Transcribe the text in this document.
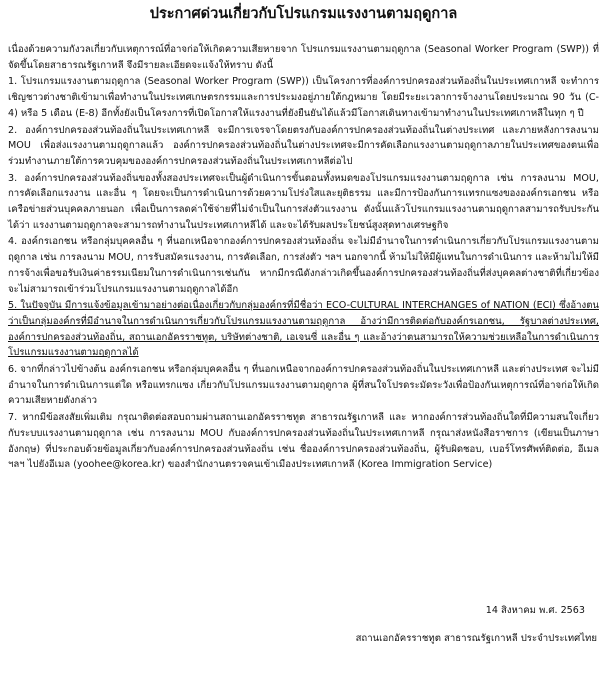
ประกาศด่วนเกี่ยวกับโปรแกรมแรงงานตามฤดูกาล

เนื่องด้วยความกังวลเกี่ยวกับเหตุการณ์ที่อาจก่อให้เกิดความเสียหายจาก โปรแกรมแรงงานตามฤดูกาล (Seasonal Worker Program (SWP)) ที่จัดขึ้นโดยสาธารณรัฐเกาหลี จึงมีรายละเอียดจะแจ้งให้ทราบ ดังนี้

1. โปรแกรมแรงงานตามฤดูกาล (Seasonal Worker Program (SWP)) เป็นโครงการที่องค์การปกครองส่วนท้องถิ่นในประเทศเกาหลี จะทำการเชิญชาวต่างชาติเข้ามาเพื่อทำงานในประเทศเกษตรกรรมและการประมงอยู่ภายใต้กฎหมาย โดยมีระยะเวลาการจ้างงานโดยประมาณ 90 วัน (C-4) หรือ 5 เดือน (E-8) อีกทั้งยังเป็นโครงการที่เปิดโอกาสให้แรงงานที่ยังยืนยันได้แล้วมีโอกาสเดินทางเข้ามาทำงานในประเทศเกาหลีในทุก ๆ ปี

2. องค์การปกครองส่วนท้องถิ่นในประเทศเกาหลี จะมีการเจรจาโดยตรงกับองค์การปกครองส่วนท้องถิ่นในต่างประเทศ และภายหลังการลงนาม MOU เพื่อส่งแรงงานตามฤดูกาลแล้ว องค์การปกครองส่วนท้องถิ่นในต่างประเทศจะมีการคัดเลือกแรงงานตามฤดูกาลภายในประเทศของตนเพื่อร่วมทำงานภายใต้การควบคุมขององค์การปกครองส่วนท้องถิ่นในประเทศเกาหลีต่อไป

3. องค์การปกครองส่วนท้องถิ่นของทั้งสองประเทศจะเป็นผู้ดำเนินการขั้นตอนทั้งหมดของโปรแกรมแรงงานตามฤดูกาล เช่น การลงนาม MOU, การคัดเลือกแรงงาน และอื่น ๆ โดยจะเป็นการดำเนินการด้วยความโปร่งใสและยุติธรรม และมีการป้องกันการแทรกแซงขององค์กรเอกชน หรือเครือข่ายส่วนบุคคลภายนอก เพื่อเป็นการลดค่าใช้จ่ายที่ไม่จำเป็นในการส่งตัวแรงงาน ดังนั้นแล้วโปรแกรมแรงงานตามฤดูกาลสามารถรับประกันได้ว่า แรงงานตามฤดูกาลจะสามารถทำงานในประเทศเกาหลีได้ และจะได้รับผลประโยชน์สูงสุดทางเศรษฐกิจ

4. องค์กรเอกชน หรือกลุ่มบุคคลอื่น ๆ ที่นอกเหนือจากองค์การปกครองส่วนท้องถิ่น จะไม่มีอำนาจในการดำเนินการเกี่ยวกับโปรแกรมแรงงานตามฤดูกาล เช่น การลงนาม MOU, การรับสมัครแรงงาน, การคัดเลือก, การส่งตัว ฯลฯ นอกจากนี้ ห้ามไม่ให้มีผู้แทนในการดำเนินการ และห้ามไม่ให้มีการจ้างเพื่อขอรับเงินค่าธรรมเนียมในการดำเนินการเช่นกัน หากมีกรณีดังกล่าวเกิดขึ้นองค์การปกครองส่วนท้องถิ่นที่ส่งบุคคลต่างชาติที่เกี่ยวข้องจะไม่สามารถเข้าร่วมโปรแกรมแรงงานตามฤดูกาลได้อีก

5. ในปัจจุบัน มีการแจ้งข้อมูลเข้ามาอย่างต่อเนื่องเกี่ยวกับกลุ่มองค์กรที่มีชื่อว่า ECO-CULTURAL INTERCHANGES of NATION (ECI) ซึ่งอ้างตนว่าเป็นกลุ่มองค์กรที่มีอำนาจในการดำเนินการเกี่ยวกับโปรแกรมแรงงานตามฤดูกาล อ้างว่ามีการติดต่อกับองค์กรเอกชน, รัฐบาลต่างประเทศ, องค์การปกครองส่วนท้องถิ่น, สถานเอกอัครราชทูต, บริษัทต่างชาติ, เอเจนซี่ และอื่น ๆ และอ้างว่าตนสามารถให้ความช่วยเหลือในการดำเนินการโปรแกรมแรงงานตามฤดูกาลได้

6. จากที่กล่าวไปข้างต้น องค์กรเอกชน หรือกลุ่มบุคคลอื่น ๆ ที่นอกเหนือจากองค์การปกครองส่วนท้องถิ่นในประเทศเกาหลี และต่างประเทศ จะไม่มีอำนาจในการดำเนินการแต่ใด หรือแทรกแซง เกี่ยวกับโปรแกรมแรงงานตามฤดูกาล ผู้ที่สนใจโปรดระมัดระวังเพื่อป้องกันเหตุการณ์ที่อาจก่อให้เกิด ความเสียหายดังกล่าว

7. หากมีข้อสงสัยเพิ่มเติม กรุณาติดต่อสอบถามผ่านสถานเอกอัครราชทูต สาธารณรัฐเกาหลี และ หากองค์การส่วนท้องถิ่นใดที่มีความสนใจเกี่ยวกับระบบแรงงานตามฤดูกาล เช่น การลงนาม MOU กับองค์การปกครองส่วนท้องถิ่นในประเทศเกาหลี กรุณาส่งหนังสือราชการ (เขียนเป็นภาษาอังกฤษ) ที่ประกอบด้วยข้อมูลเกี่ยวกับองค์การปกครองส่วนท้องถิ่น เช่น ชื่อองค์การปกครองส่วนท้องถิ่น, ผู้รับผิดชอบ, เบอร์โทรศัพท์ติดต่อ, อีเมล ฯลฯ ไปยังอีเมล (yoohee@korea.kr) ของสำนักงานตรวจคนเข้าเมืองประเทศเกาหลี (Korea Immigration Service)

14 สิงหาคม พ.ศ. 2563
สถานเอกอัครราชทูต สาธารณรัฐเกาหลี ประจำประเทศไทย
